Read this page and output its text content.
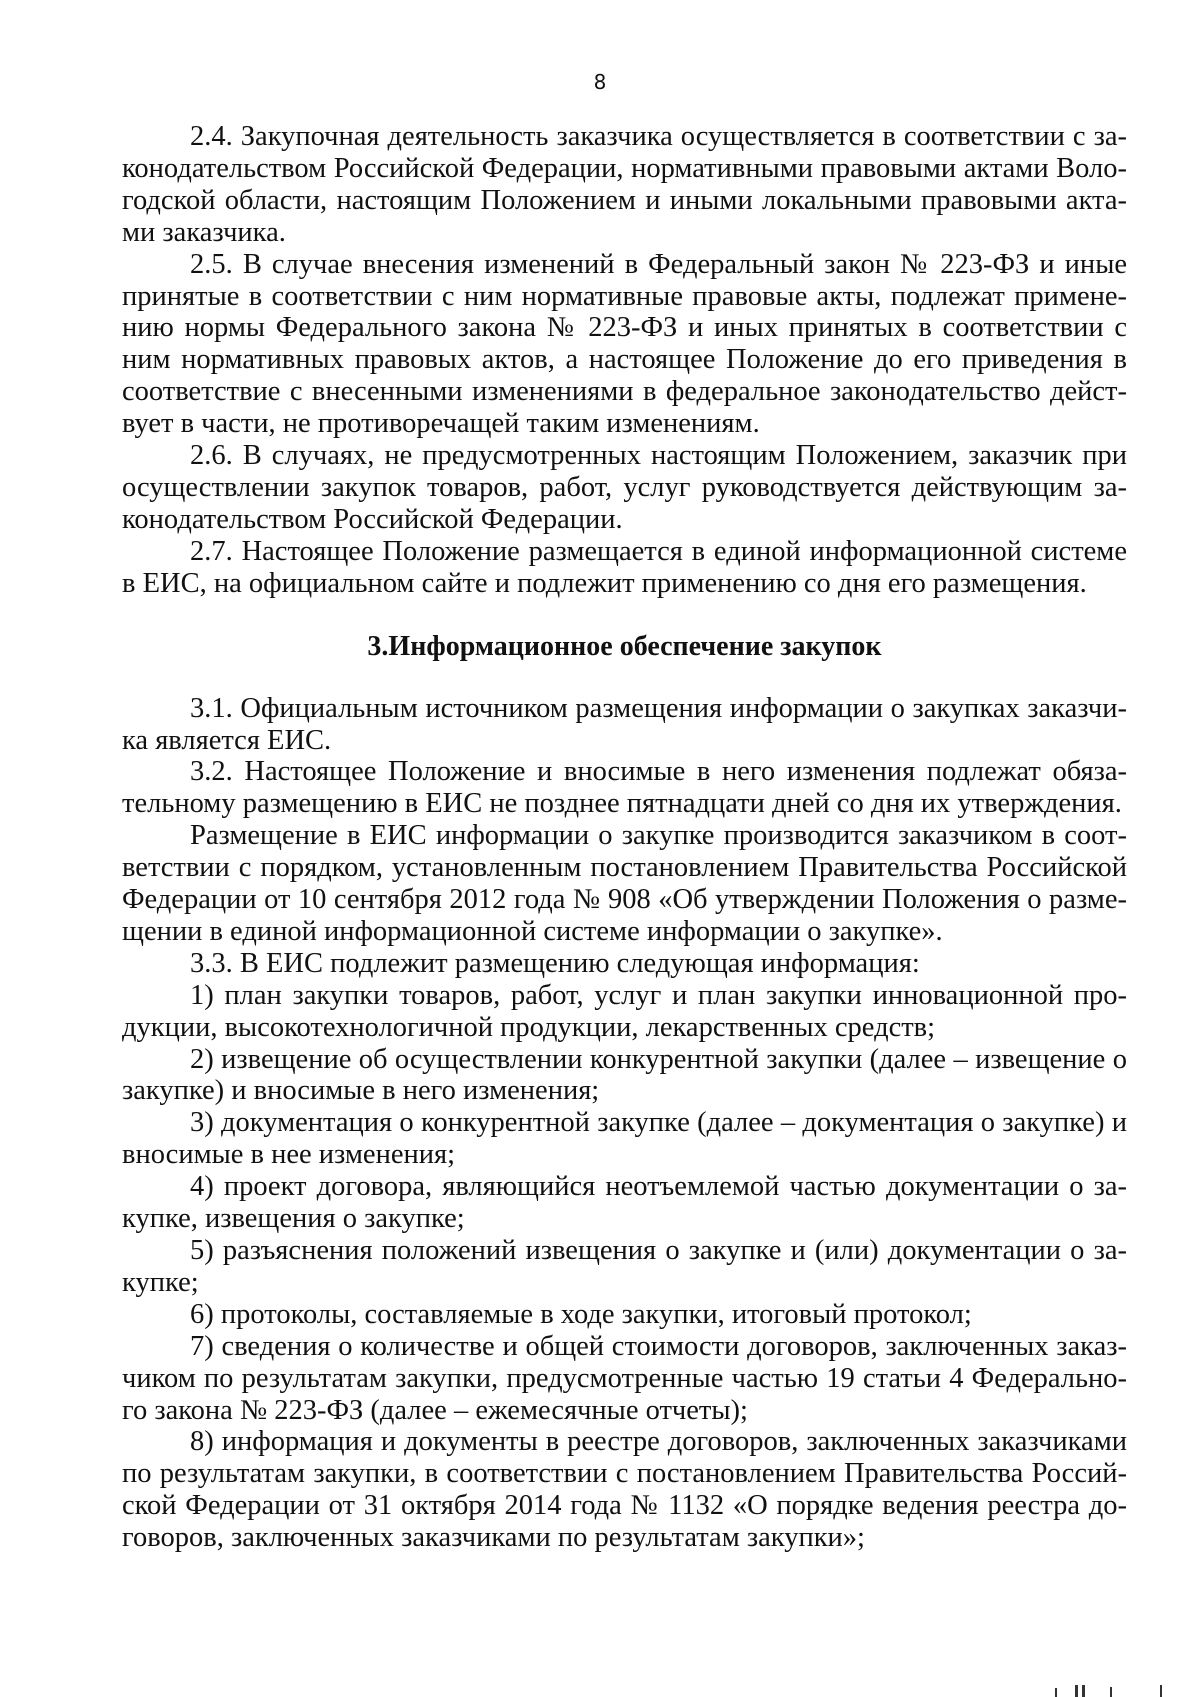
8

2.4. Закупочная деятельность заказчика осуществляется в соответствии с законодательством Российской Федерации, нормативными правовыми актами Вологодской области, настоящим Положением и иными локальными правовыми актами заказчика.

2.5. В случае внесения изменений в Федеральный закон № 223-ФЗ и иные принятые в соответствии с ним нормативные правовые акты, подлежат применению нормы Федерального закона № 223-ФЗ и иных принятых в соответствии с ним нормативных правовых актов, а настоящее Положение до его приведения в соответствие с внесенными изменениями в федеральное законодательство действует в части, не противоречащей таким изменениям.

2.6. В случаях, не предусмотренных настоящим Положением, заказчик при осуществлении закупок товаров, работ, услуг руководствуется действующим законодательством Российской Федерации.

2.7. Настоящее Положение размещается в единой информационной системе в ЕИС, на официальном сайте и подлежит применению со дня его размещения.

3.Информационное обеспечение закупок

3.1. Официальным источником размещения информации о закупках заказчика является ЕИС.

3.2. Настоящее Положение и вносимые в него изменения подлежат обязательному размещению в ЕИС не позднее пятнадцати дней со дня их утверждения.

Размещение в ЕИС информации о закупке производится заказчиком в соответствии с порядком, установленным постановлением Правительства Российской Федерации от 10 сентября 2012 года № 908 «Об утверждении Положения о размещении в единой информационной системе информации о закупке».

3.3. В ЕИС подлежит размещению следующая информация:

1) план закупки товаров, работ, услуг и план закупки инновационной продукции, высокотехнологичной продукции, лекарственных средств;

2) извещение об осуществлении конкурентной закупки (далее – извещение о закупке) и вносимые в него изменения;

3) документация о конкурентной закупке (далее – документация о закупке) и вносимые в нее изменения;

4) проект договора, являющийся неотъемлемой частью документации о закупке, извещения о закупке;

5) разъяснения положений извещения о закупке и (или) документации о закупке;

6) протоколы, составляемые в ходе закупки, итоговый протокол;

7) сведения о количестве и общей стоимости договоров, заключенных заказчиком по результатам закупки, предусмотренные частью 19 статьи 4 Федерального закона № 223-ФЗ (далее – ежемесячные отчеты);

8) информация и документы в реестре договоров, заключенных заказчиками по результатам закупки, в соответствии с постановлением Правительства Российской Федерации от 31 октября 2014 года № 1132 «О порядке ведения реестра договоров, заключенных заказчиками по результатам закупки»;
